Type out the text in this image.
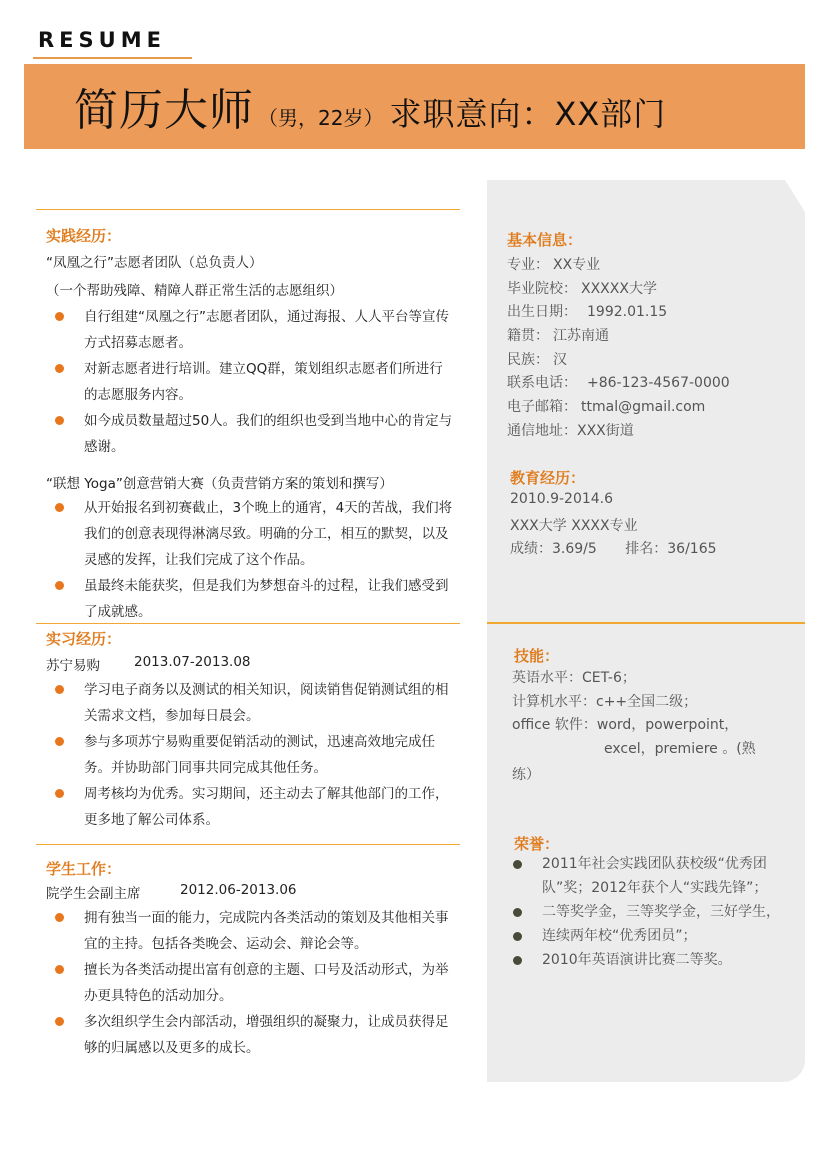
RESUME
简历大师 （男，22岁） 求职意向：XX部门
实践经历：
“凤凰之行”志愿者团队（总负责人）
（一个帮助残障、精障人群正常生活的志愿组织）
自行组建“凤凰之行”志愿者团队，通过海报、人人平台等宣传方式招募志愿者。
对新志愿者进行培训。建立QQ群，策划组织志愿者们所进行的志愿服务内容。
如今成员数量超过50人。我们的组织也受到当地中心的肯定与感谢。
“联想 Yoga”创意营销大赛（负责营销方案的策划和撰写）
从开始报名到初赛截止，3个晚上的通宵，4天的苦战，我们将我们的创意表现得淋漓尽致。明确的分工，相互的默契，以及灵感的发挥，让我们完成了这个作品。
虽最终未能获奖，但是我们为梦想奋斗的过程，让我们感受到了成就感。
实习经历：
苏宁易购	2013.07-2013.08
学习电子商务以及测试的相关知识，阅读销售促销测试组的相关需求文档，参加每日晨会。
参与多项苏宁易购重要促销活动的测试，迅速高效地完成任务。并协助部门同事共同完成其他任务。
周考核均为优秀。实习期间，还主动去了解其他部门的工作，更多地了解公司体系。
学生工作：
院学生会副主席	2012.06-2013.06
拥有独当一面的能力，完成院内各类活动的策划及其他相关事宜的主持。包括各类晚会、运动会、辩论会等。
擅长为各类活动提出富有创意的主题、口号及活动形式，为举办更具特色的活动加分。
多次组织学生会内部活动，增强组织的凝聚力，让成员获得足够的归属感以及更多的成长。
基本信息：
专业： XX专业
毕业院校： XXXXX大学
出生日期： 1992.01.15
籍贯： 江苏南通
民族： 汉
联系电话： +86-123-4567-0000
电子邮箱： ttmal@gmail.com
通信地址：XXX街道
教育经历：
2010.9-2014.6
XXX大学 XXXX专业
成绩：3.69/5 排名：36/165
技能：
英语水平：CET-6；
计算机水平：c++全国二级；
office 软件：word，powerpoint，
excel，premiere 。(熟
练）
荣誉：
2011年社会实践团队获校级“优秀团队”奖；2012年获个人“实践先锋”；
二等奖学金，三等奖学金，三好学生，
连续两年校“优秀团员”；
2010年英语演讲比赛二等奖。
